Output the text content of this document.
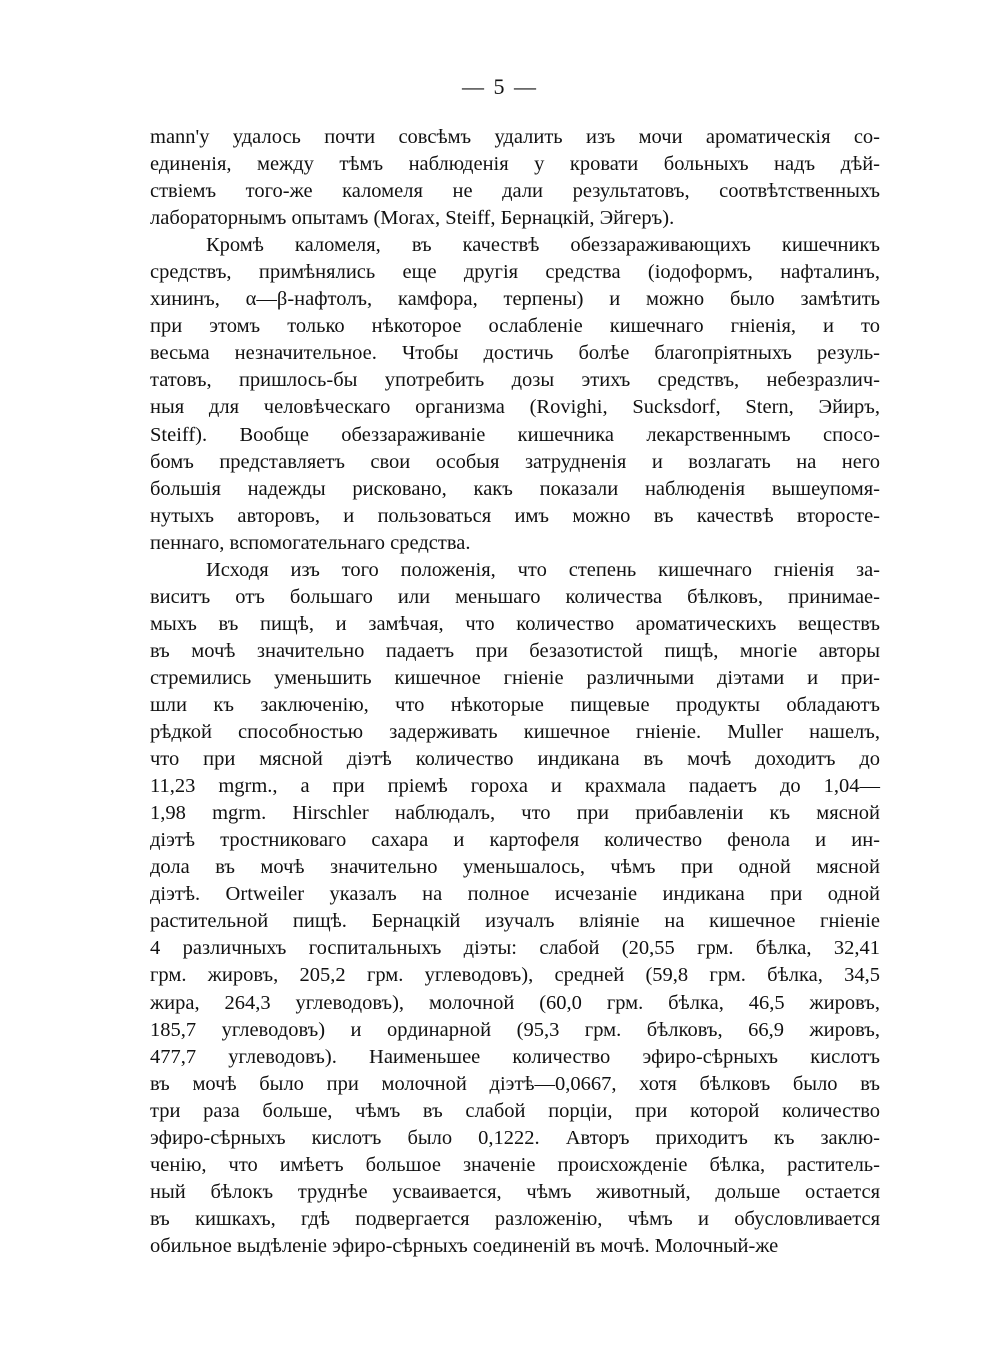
— 5 —
mann'у удалось почти совсѣмъ удалить изъ мочи ароматическія со-
единенія, между тѣмъ наблюденія у кровати больныхъ надъ дѣй-
ствіемъ того-же каломеля не дали результатовъ, соотвѣтственныхъ
лабораторнымъ опытамъ (Morax, Steiff, Бернацкій, Эйгеръ).
Кромѣ каломеля, въ качествѣ обеззараживающихъ кишечникъ
средствъ, примѣнялись еще другія средства (іодоформъ, нафталинъ,
хининъ, α—β-нафтолъ, камфора, терпены) и можно было замѣтить
при этомъ только нѣкоторое ослабленіе кишечнаго гніенія, и то
весьма незначительное. Чтобы достичь болѣе благопріятныхъ резуль-
татовъ, пришлось-бы употребить дозы этихъ средствъ, небезразлич-
ныя для человѣческаго организма (Rovighi, Sucksdorf, Stern, Эйиръ,
Steiff). Вообще обеззараживаніе кишечника лекарственнымъ спосо-
бомъ представляетъ свои особыя затрудненія и возлагать на него
большія надежды рисковано, какъ показали наблюденія вышеупомя-
нутыхъ авторовъ, и пользоваться имъ можно въ качествѣ второсте-
пеннаго, вспомогательнаго средства.
Исходя изъ того положенія, что степень кишечнаго гніенія за-
виситъ отъ большаго или меньшаго количества бѣлковъ, принимае-
мыхъ въ пищѣ, и замѣчая, что количество ароматическихъ веществъ
въ мочѣ значительно падаетъ при безазотистой пищѣ, многіе авторы
стремились уменьшить кишечное гніеніе различными діэтами и при-
шли къ заключенію, что нѣкоторые пищевые продукты обладаютъ
рѣдкой способностью задерживать кишечное гніеніе. Muller нашелъ,
что при мясной діэтѣ количество индикана въ мочѣ доходитъ до
11,23 mgrm., а при пріемѣ гороха и крахмала падаетъ до 1,04—
1,98 mgrm. Hirschler наблюдалъ, что при прибавленіи къ мясной
діэтѣ тростниковаго сахара и картофеля количество фенола и ин-
дола въ мочѣ значительно уменьшалось, чѣмъ при одной мясной
діэтѣ. Ortweiler указалъ на полное исчезаніе индикана при одной
растительной пищѣ. Бернацкій изучалъ вліяніе на кишечное гніеніе
4 различныхъ госпитальныхъ діэты: слабой (20,55 грм. бѣлка, 32,41
грм. жировъ, 205,2 грм. углеводовъ), средней (59,8 грм. бѣлка, 34,5
жира, 264,3 углеводовъ), молочной (60,0 грм. бѣлка, 46,5 жировъ,
185,7 углеводовъ) и ординарной (95,3 грм. бѣлковъ, 66,9 жировъ,
477,7 углеводовъ). Наименьшее количество эфиро-сѣрныхъ кислотъ
въ мочѣ было при молочной діэтѣ—0,0667, хотя бѣлковъ было въ
три раза больше, чѣмъ въ слабой порціи, при которой количество
эфиро-сѣрныхъ кислотъ было 0,1222. Авторъ приходитъ къ заклю-
ченію, что имѣетъ большое значеніе происхожденіе бѣлка, раститель-
ный бѣлокъ труднѣе усваивается, чѣмъ животный, дольше остается
въ кишкахъ, гдѣ подвергается разложенію, чѣмъ и обусловливается
обильное выдѣленіе эфиро-сѣрныхъ соединеній въ мочѣ. Молочный-же
